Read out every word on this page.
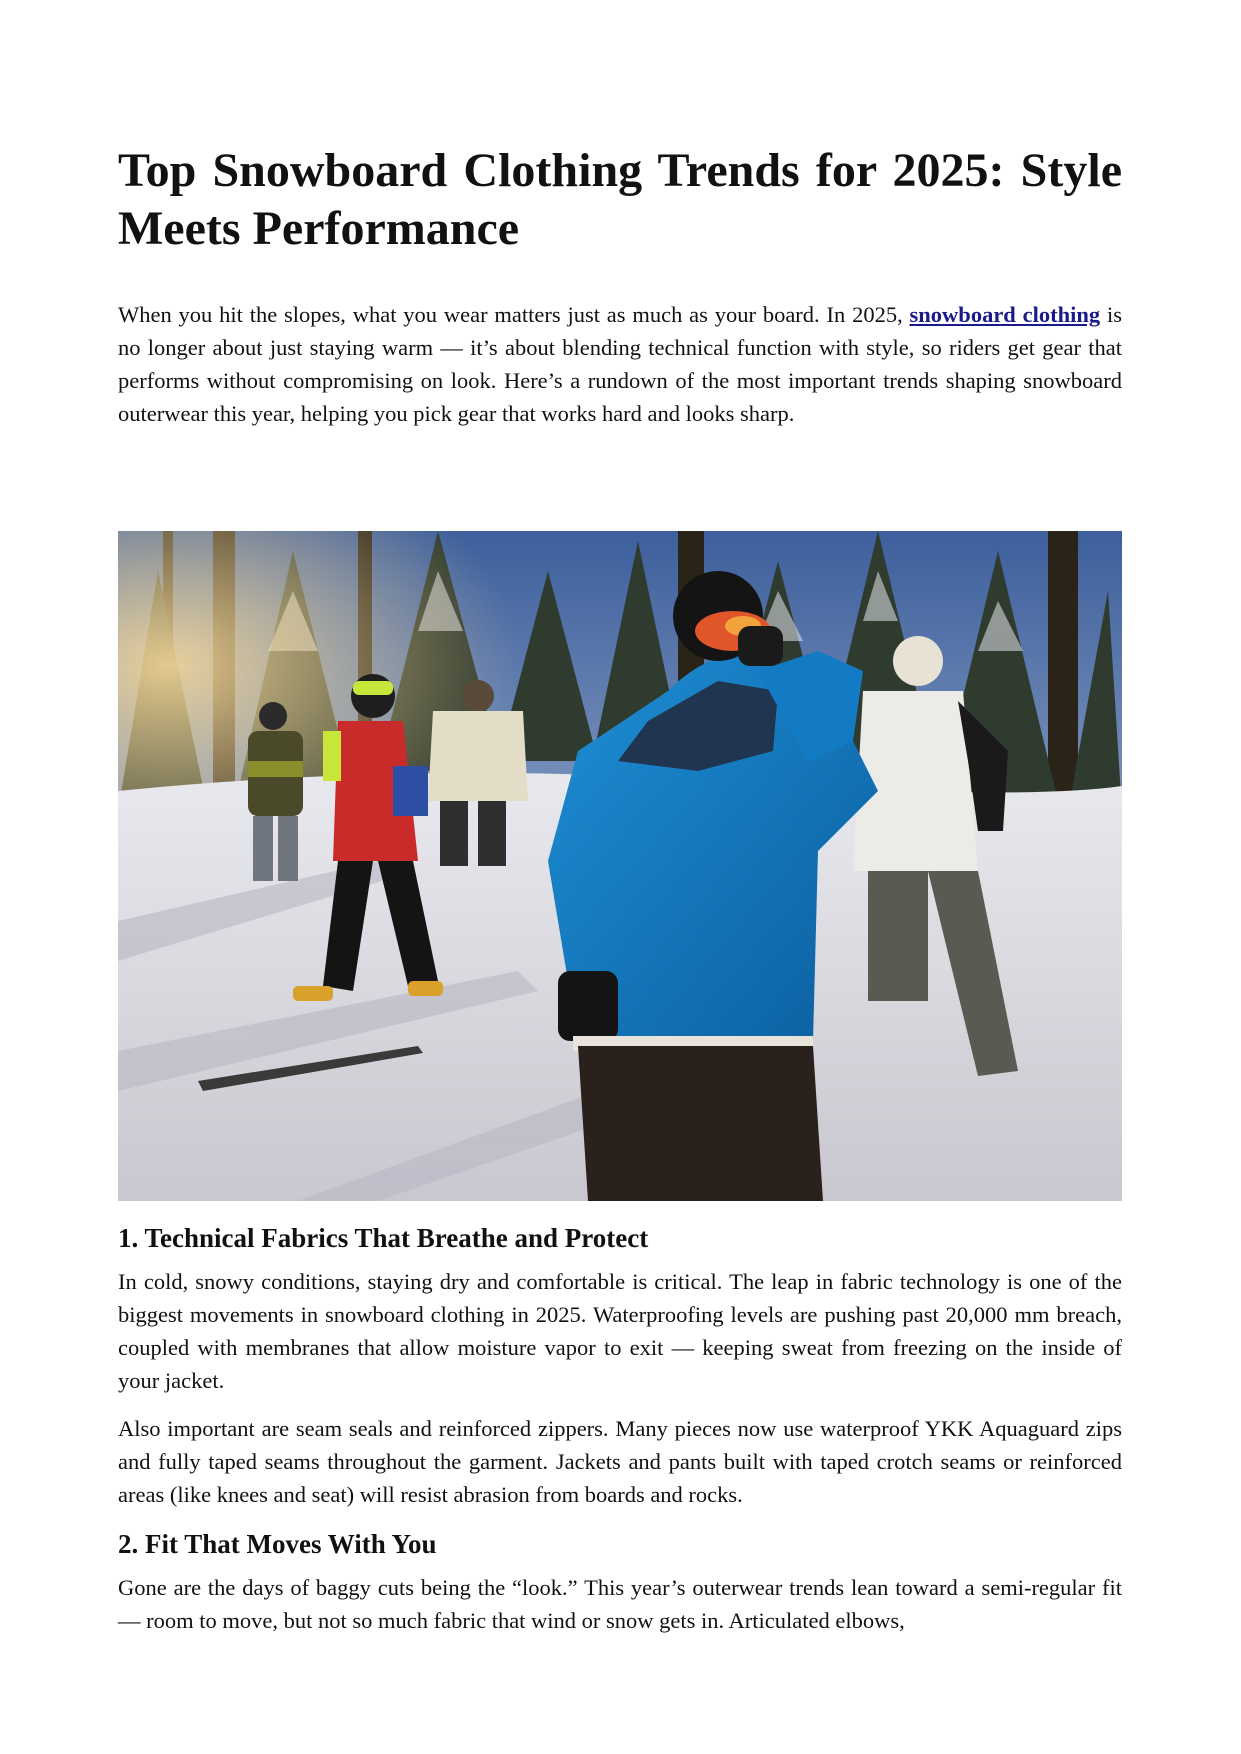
Top Snowboard Clothing Trends for 2025: Style Meets Performance

When you hit the slopes, what you wear matters just as much as your board. In 2025, snowboard clothing is no longer about just staying warm — it’s about blending technical function with style, so riders get gear that performs without compromising on look. Here’s a rundown of the most important trends shaping snowboard outerwear this year, helping you pick gear that works hard and looks sharp.

1. Technical Fabrics That Breathe and Protect

In cold, snowy conditions, staying dry and comfortable is critical. The leap in fabric technology is one of the biggest movements in snowboard clothing in 2025. Waterproofing levels are pushing past 20,000 mm breach, coupled with membranes that allow moisture vapor to exit — keeping sweat from freezing on the inside of your jacket.

Also important are seam seals and reinforced zippers. Many pieces now use waterproof YKK Aquaguard zips and fully taped seams throughout the garment. Jackets and pants built with taped crotch seams or reinforced areas (like knees and seat) will resist abrasion from boards and rocks.

2. Fit That Moves With You

Gone are the days of baggy cuts being the “look.” This year’s outerwear trends lean toward a semi-regular fit — room to move, but not so much fabric that wind or snow gets in. Articulated elbows,
